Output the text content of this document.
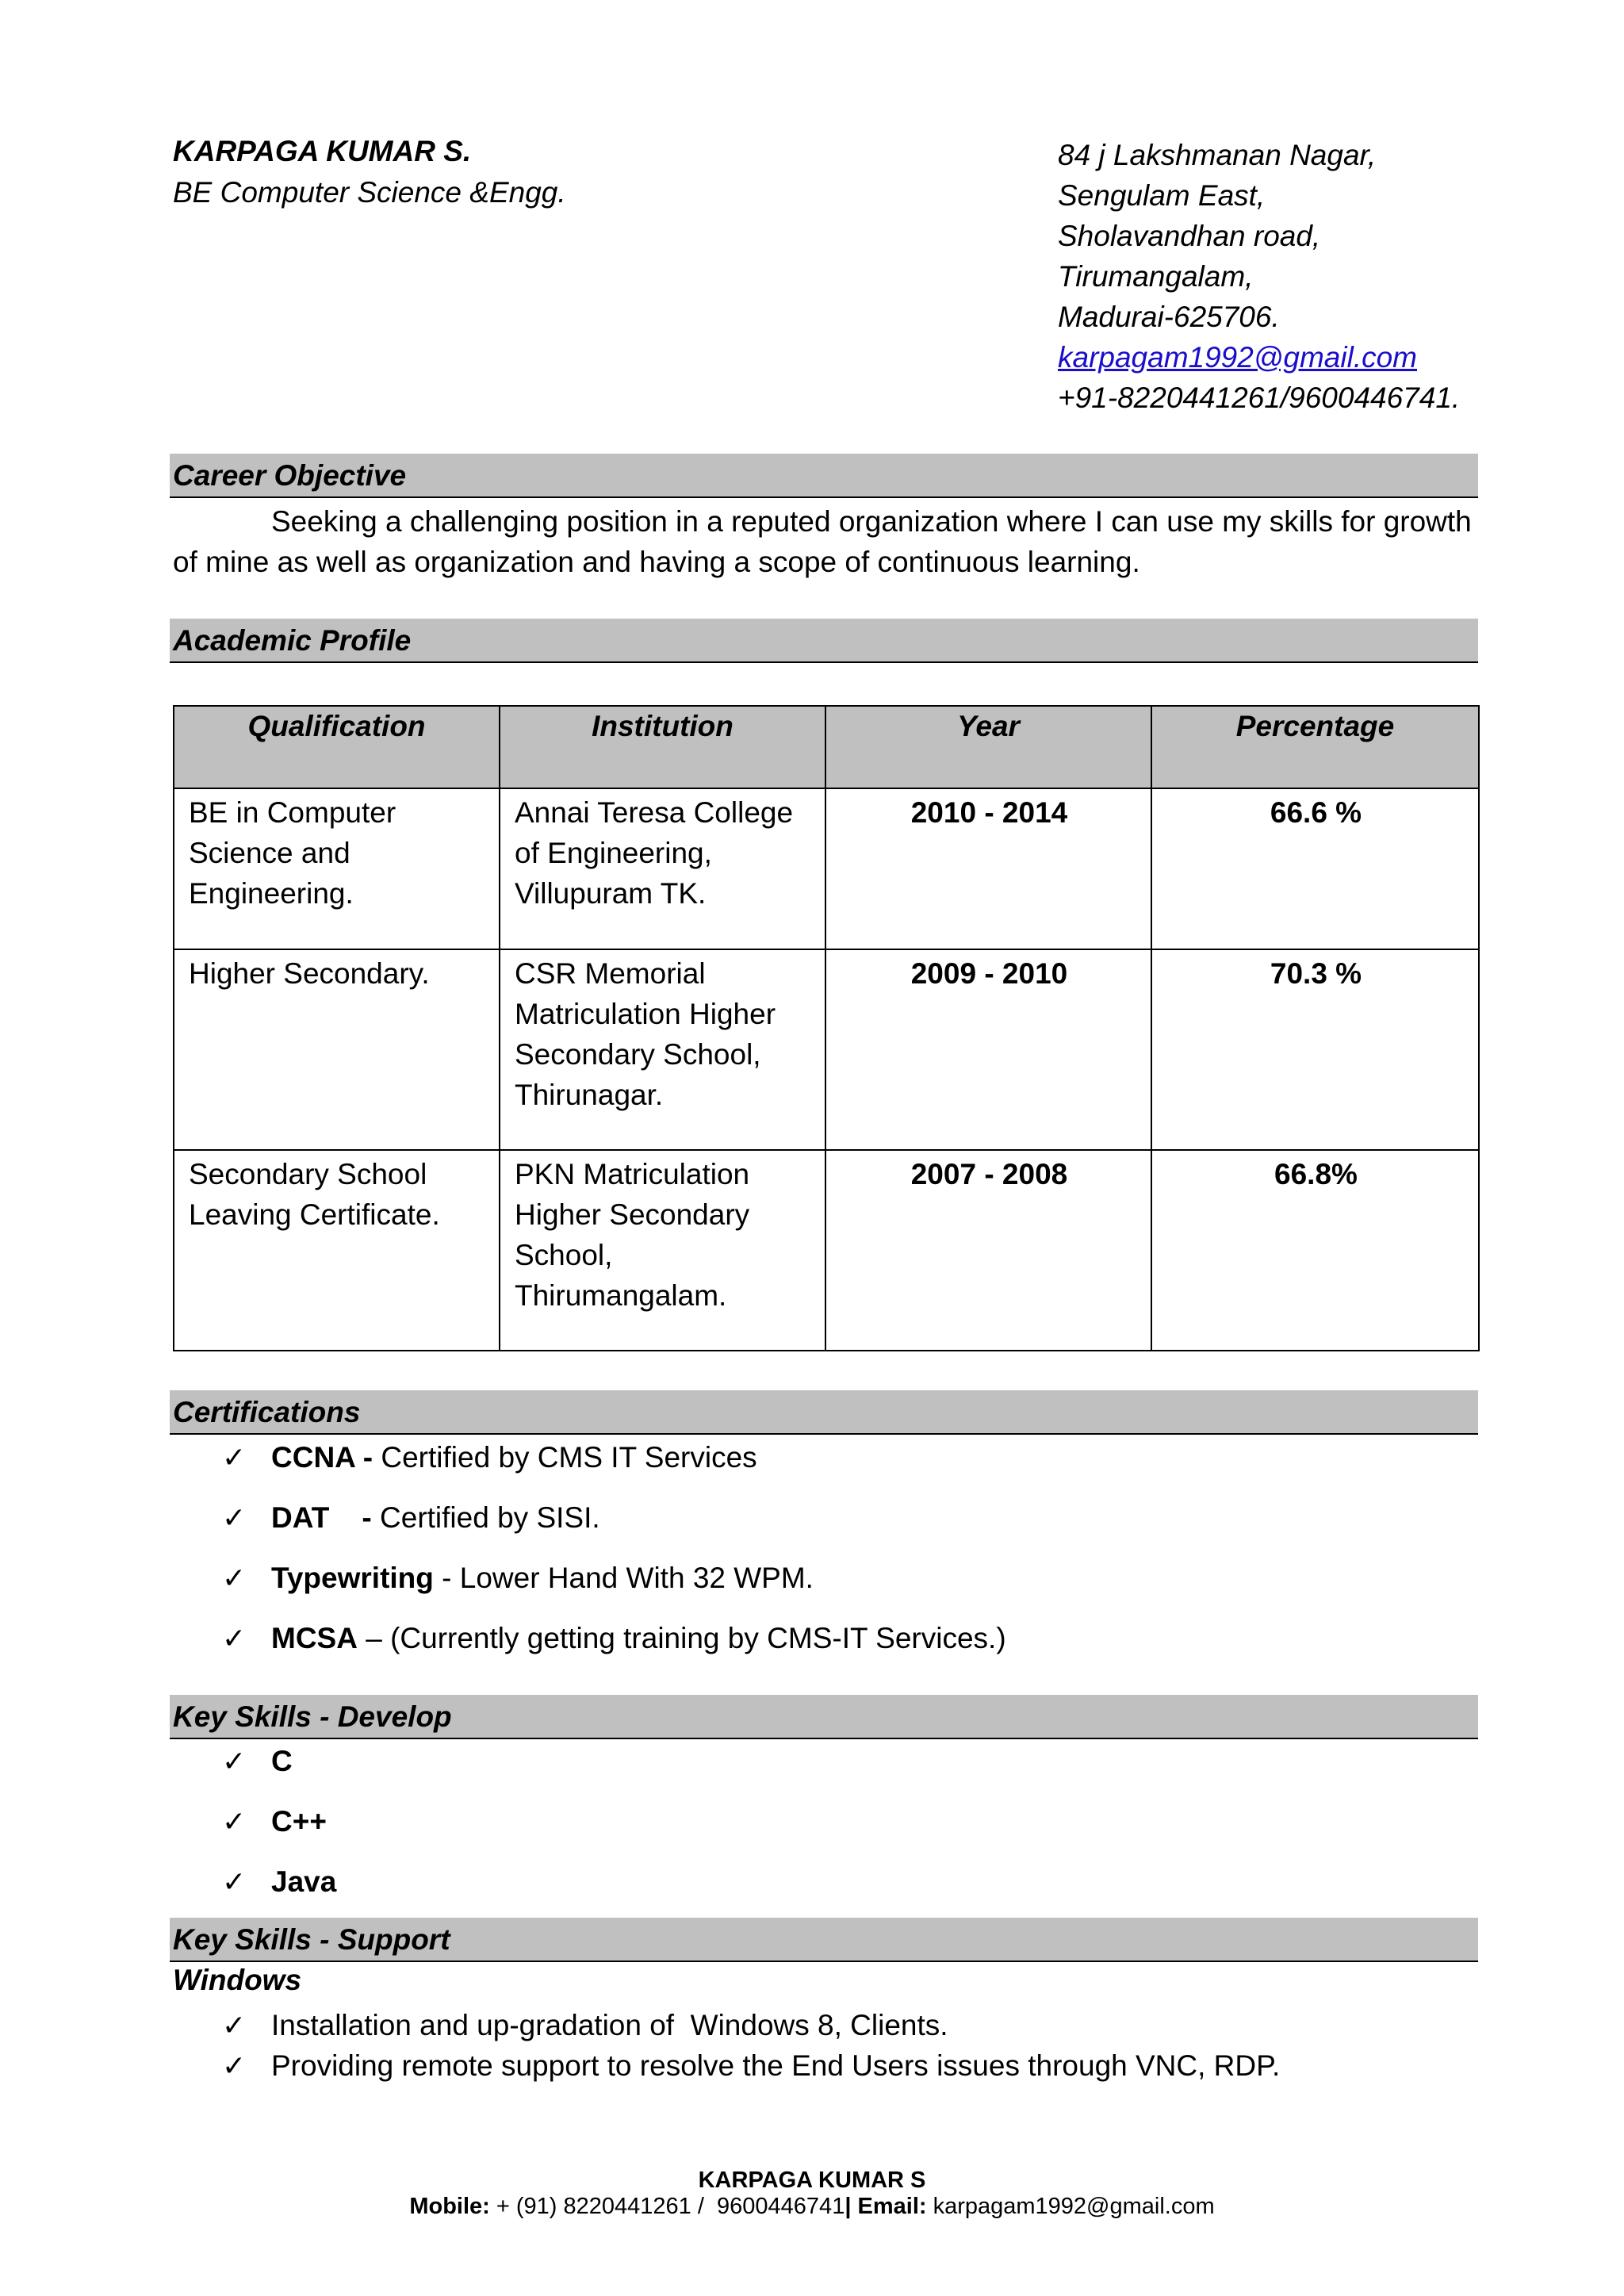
KARPAGA KUMAR S.
BE Computer Science &Engg.
84 j Lakshmanan Nagar,
Sengulam East,
Sholavandhan road,
Tirumangalam,
Madurai-625706.
karpagam1992@gmail.com
+91-8220441261/9600446741.
Career Objective
Seeking a challenging position in a reputed organization where I can use my skills for growth of mine as well as organization and having a scope of continuous learning.
Academic Profile
Qualification	Institution	Year	Percentage
BE in Computer Science and Engineering.	Annai Teresa College of Engineering, Villupuram TK.	2010 - 2014	66.6 %
Higher Secondary.	CSR Memorial Matriculation Higher Secondary School, Thirunagar.	2009 - 2010	70.3 %
Secondary School Leaving Certificate.	PKN Matriculation Higher Secondary School, Thirumangalam.	2007 - 2008	66.8%
Certifications
✓ CCNA - Certified by CMS IT Services
✓ DAT    - Certified by SISI.
✓ Typewriting - Lower Hand With 32 WPM.
✓ MCSA – (Currently getting training by CMS-IT Services.)
Key Skills - Develop
✓ C
✓ C++
✓ Java
Key Skills - Support
Windows
✓ Installation and up-gradation of  Windows 8, Clients.
✓ Providing remote support to resolve the End Users issues through VNC, RDP.
KARPAGA KUMAR S
Mobile: + (91) 8220441261 /  9600446741| Email: karpagam1992@gmail.com
